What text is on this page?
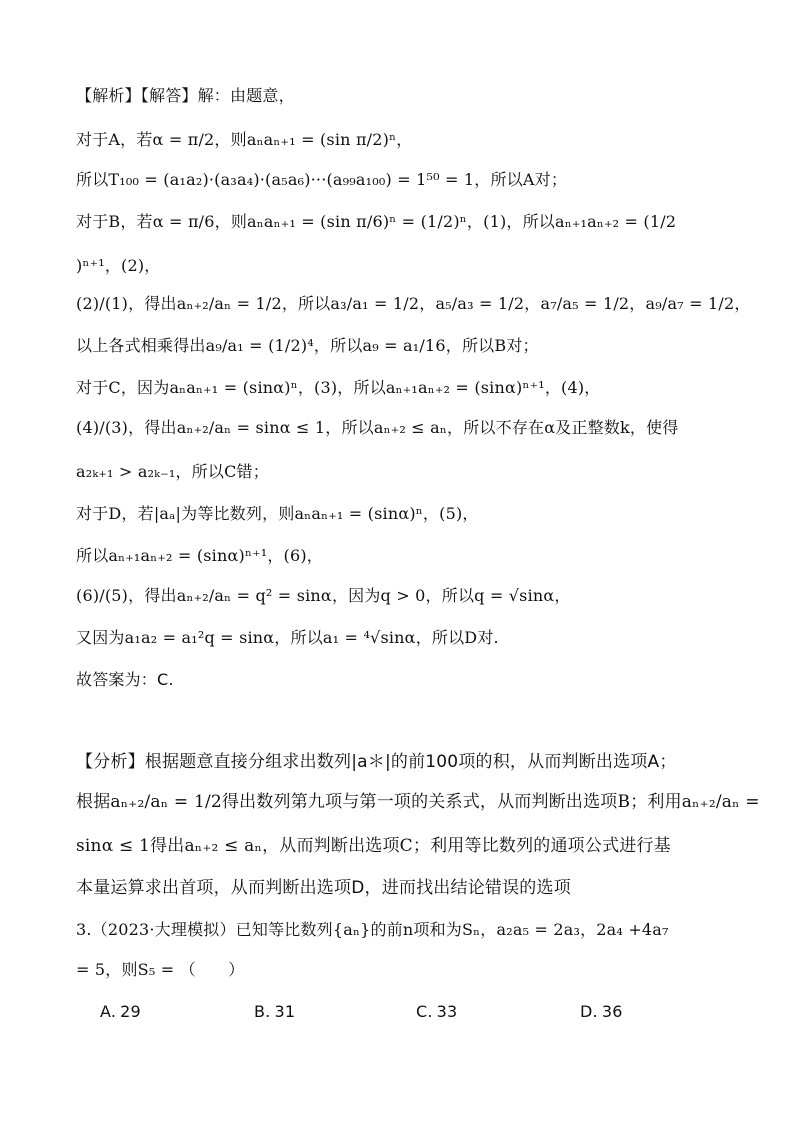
【解析】【解答】解：由题意，
对于A，若α = π/2，则aₙaₙ₊₁ = (sin π/2)ⁿ，
所以T₁₀₀ = (a₁a₂)·(a₃a₄)·(a₅a₆)···(a₉₉a₁₀₀) = 1⁵⁰ = 1，所以A对；
对于B，若α = π/6，则aₙaₙ₊₁ = (sin π/6)ⁿ = (1/2)ⁿ，(1)，所以aₙ₊₁aₙ₊₂ = (1/2
)ⁿ⁺¹，(2)，
(2)/(1)，得出aₙ₊₂/aₙ = 1/2，所以a₃/a₁ = 1/2，a₅/a₃ = 1/2，a₇/a₅ = 1/2，a₉/a₇ = 1/2，
以上各式相乘得出a₉/a₁ = (1/2)⁴，所以a₉ = a₁/16，所以B对；
对于C，因为aₙaₙ₊₁ = (sinα)ⁿ，(3)，所以aₙ₊₁aₙ₊₂ = (sinα)ⁿ⁺¹，(4)，
(4)/(3)，得出aₙ₊₂/aₙ = sinα ≤ 1，所以aₙ₊₂ ≤ aₙ，所以不存在α及正整数k，使得
a₂ₖ₊₁ > a₂ₖ₋₁，所以C错；
对于D，若|aₐ|为等比数列，则aₙaₙ₊₁ = (sinα)ⁿ，(5)，
所以aₙ₊₁aₙ₊₂ = (sinα)ⁿ⁺¹，(6)，
(6)/(5)，得出aₙ₊₂/aₙ = q² = sinα，因为q > 0，所以q = √sinα，
又因为a₁a₂ = a₁²q = sinα，所以a₁ = ⁴√sinα，所以D对.
故答案为：C.
【分析】根据题意直接分组求出数列|a＊|的前100项的积，从而判断出选项A；
根据aₙ₊₂/aₙ = 1/2得出数列第九项与第一项的关系式，从而判断出选项B；利用aₙ₊₂/aₙ =
sinα ≤ 1得出aₙ₊₂ ≤ aₙ，从而判断出选项C；利用等比数列的通项公式进行基
本量运算求出首项，从而判断出选项D，进而找出结论错误的选项
3.（2023·大理模拟）已知等比数列{aₙ}的前n项和为Sₙ，a₂a₅ = 2a₃，2a₄ +4a₇
= 5，则S₅ = （　　）
A. 29	B. 31	C. 33	D. 36
